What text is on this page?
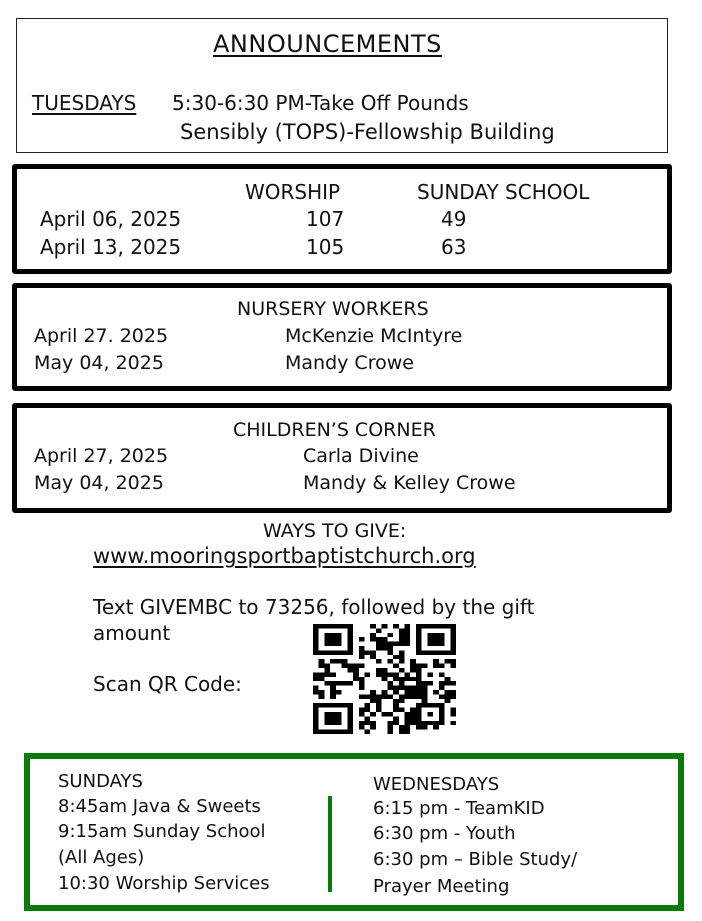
ANNOUNCEMENTS
TUESDAYS 5:30-6:30 PM-Take Off Pounds
Sensibly (TOPS)-Fellowship Building
WORSHIP	SUNDAY SCHOOL
April 06, 2025	107	49
April 13, 2025	105	63
NURSERY WORKERS
April 27. 2025	McKenzie McIntyre
May 04, 2025	Mandy Crowe
CHILDREN’S CORNER
April 27, 2025	Carla Divine
May 04, 2025	Mandy & Kelley Crowe
WAYS TO GIVE:
www.mooringsportbaptistchurch.org
Text GIVEMBC to 73256, followed by the gift
amount
Scan QR Code:
SUNDAYS
8:45am Java & Sweets
9:15am Sunday School
(All Ages)
10:30 Worship Services
WEDNESDAYS
6:15 pm - TeamKID
6:30 pm - Youth
6:30 pm – Bible Study/
Prayer Meeting
